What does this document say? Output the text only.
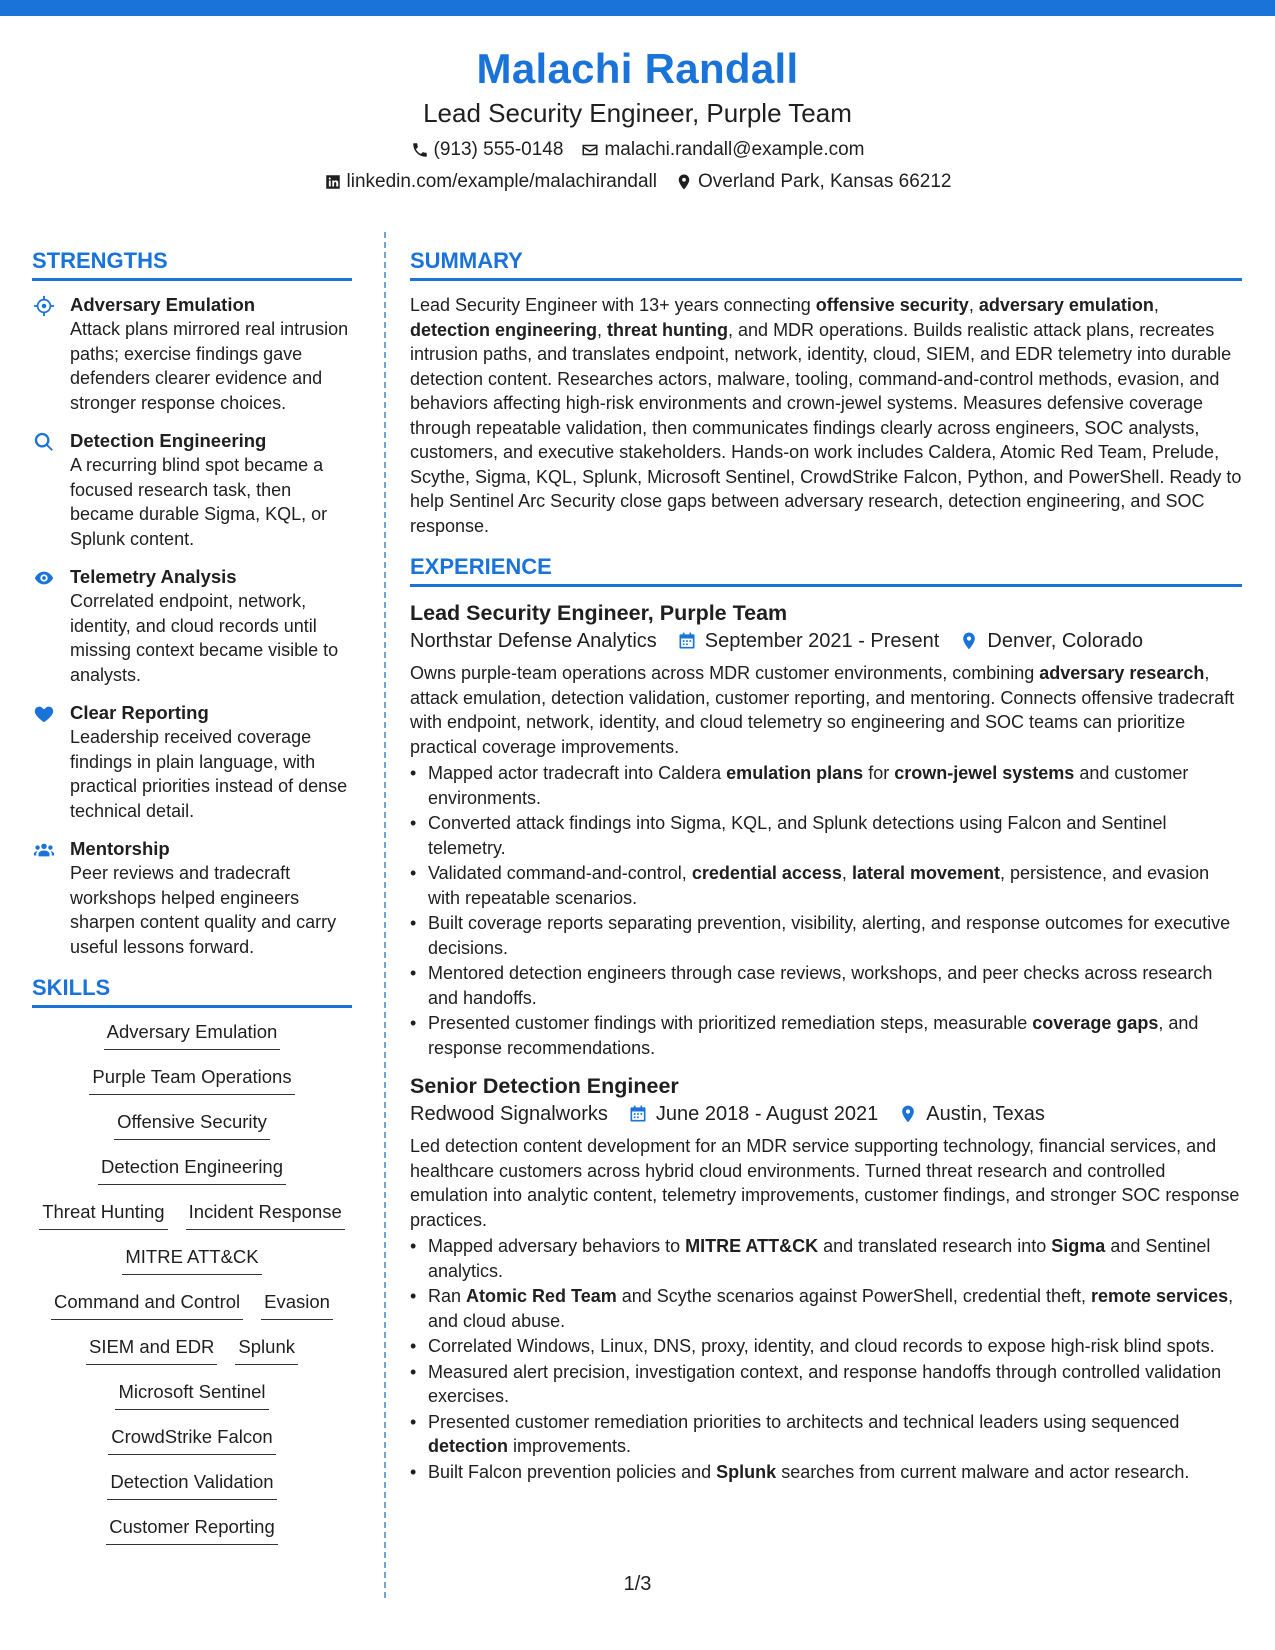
Malachi Randall
Lead Security Engineer, Purple Team
(913) 555-0148 malachi.randall@example.com
linkedin.com/example/malachirandall Overland Park, Kansas 66212
STRENGTHS
Adversary Emulation

Attack plans mirrored real intrusion paths; exercise findings gave defenders clearer evidence and stronger response choices.

Detection Engineering

A recurring blind spot became a focused research task, then became durable Sigma, KQL, or Splunk content.

Telemetry Analysis

Correlated endpoint, network, identity, and cloud records until missing context became visible to analysts.

Clear Reporting

Leadership received coverage findings in plain language, with practical priorities instead of dense technical detail.

Mentorship

Peer reviews and tradecraft workshops helped engineers sharpen content quality and carry useful lessons forward.

SKILLS
Adversary Emulation
Purple Team Operations
Offensive Security
Detection Engineering
Threat Hunting Incident Response
MITRE ATT&CK
Command and Control Evasion
SIEM and EDR Splunk
Microsoft Sentinel
CrowdStrike Falcon
Detection Validation
Customer Reporting
SUMMARY
Lead Security Engineer with 13+ years connecting offensive security, adversary emulation, detection engineering, threat hunting, and MDR operations. Builds realistic attack plans, recreates intrusion paths, and translates endpoint, network, identity, cloud, SIEM, and EDR telemetry into durable detection content. Researches actors, malware, tooling, command-and-control methods, evasion, and behaviors affecting high-risk environments and crown-jewel systems. Measures defensive coverage through repeatable validation, then communicates findings clearly across engineers, SOC analysts, customers, and executive stakeholders. Hands-on work includes Caldera, Atomic Red Team, Prelude, Scythe, Sigma, KQL, Splunk, Microsoft Sentinel, CrowdStrike Falcon, Python, and PowerShell. Ready to help Sentinel Arc Security close gaps between adversary research, detection engineering, and SOC response.
EXPERIENCE
Lead Security Engineer, Purple Team
Northstar Defense Analytics September 2021 - Present Denver, Colorado
Owns purple-team operations across MDR customer environments, combining adversary research, attack emulation, detection validation, customer reporting, and mentoring. Connects offensive tradecraft with endpoint, network, identity, and cloud telemetry so engineering and SOC teams can prioritize practical coverage improvements.
• Mapped actor tradecraft into Caldera emulation plans for crown-jewel systems and customer environments.
• Converted attack findings into Sigma, KQL, and Splunk detections using Falcon and Sentinel telemetry.
• Validated command-and-control, credential access, lateral movement, persistence, and evasion with repeatable scenarios.
• Built coverage reports separating prevention, visibility, alerting, and response outcomes for executive decisions.
• Mentored detection engineers through case reviews, workshops, and peer checks across research and handoffs.
• Presented customer findings with prioritized remediation steps, measurable coverage gaps, and response recommendations.
Senior Detection Engineer
Redwood Signalworks June 2018 - August 2021 Austin, Texas
Led detection content development for an MDR service supporting technology, financial services, and healthcare customers across hybrid cloud environments. Turned threat research and controlled emulation into analytic content, telemetry improvements, customer findings, and stronger SOC response practices.
• Mapped adversary behaviors to MITRE ATT&CK and translated research into Sigma and Sentinel analytics.
• Ran Atomic Red Team and Scythe scenarios against PowerShell, credential theft, remote services, and cloud abuse.
• Correlated Windows, Linux, DNS, proxy, identity, and cloud records to expose high-risk blind spots.
• Measured alert precision, investigation context, and response handoffs through controlled validation exercises.
• Presented customer remediation priorities to architects and technical leaders using sequenced detection improvements.
• Built Falcon prevention policies and Splunk searches from current malware and actor research.
1/3
